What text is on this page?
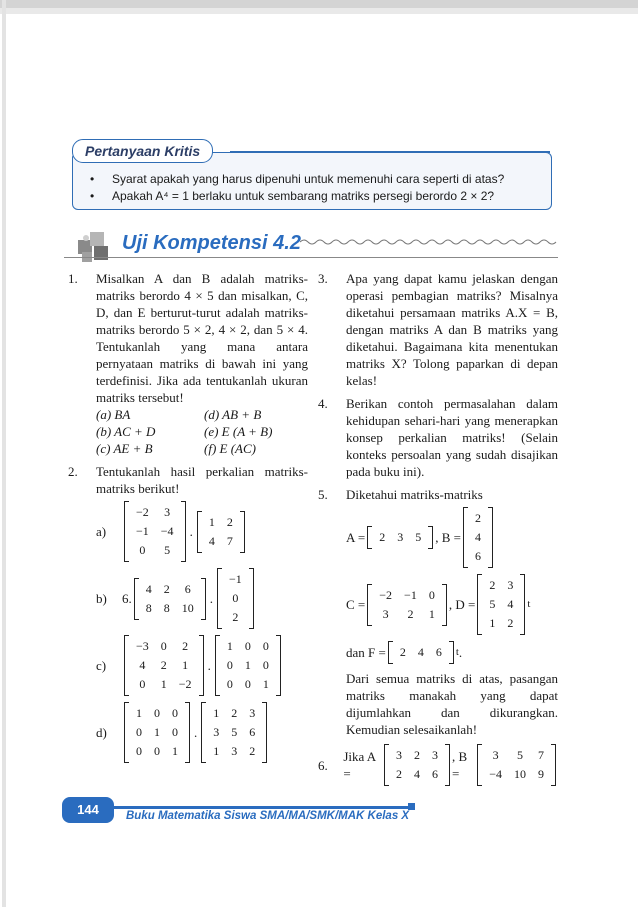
Pertanyaan Kritis
• Syarat apakah yang harus dipenuhi untuk memenuhi cara seperti di atas?
• Apakah A⁴ = 1 berlaku untuk sembarang matriks persegi berordo 2 × 2?
Uji Kompetensi 4.2
1. Misalkan A dan B adalah matriks-matriks berordo 4 × 5 dan misalkan, C, D, dan E berturut-turut adalah matriks-matriks berordo 5 × 2, 4 × 2, dan 5 × 4. Tentukanlah yang mana antara pernyataan matriks di bawah ini yang terdefinisi. Jika ada tentukanlah ukuran matriks tersebut!
(a) BA	(d) AB + B
(b) AC + D	(e) E (A + B)
(c) AE + B	(f) E (AC)
2. Tentukanlah hasil perkalian matriks-matriks berikut!
a)
−2	3
−1	−4
0	5
.
1	2
4	7
b)	6.
4	2	6
8	8	10
.
−1
0
2
c)
−3	0	2
4	2	1
0	1	−2
.
1	0	0
0	1	0
0	0	1
d)
1	0	0
0	1	0
0	0	1
.
1	2	3
3	5	6
1	3	2
3. Apa yang dapat kamu jelaskan dengan operasi pembagian matriks? Misalnya diketahui persamaan matriks A.X = B, dengan matriks A dan B matriks yang diketahui. Bagaimana kita menentukan matriks X? Tolong paparkan di depan kelas!
4. Berikan contoh permasalahan dalam kehidupan sehari-hari yang menerapkan konsep perkalian matriks! (Selain konteks persoalan yang sudah disajikan pada buku ini).
5. Diketahui matriks-matriks
A = 2	3	5 , B =
2
4
6
C =
−2	−1	0
3	2	1
, D =
2	3
5	4
1	2
t
dan F = 2	4	6 t .
Dari semua matriks di atas, pasangan matriks manakah yang dapat dijumlahkan dan dikurangkan. Kemudian selesaikanlah!
6.
Jika A =
3	2	3
2	4	6
, B =
3	5	7
−4	10	9
144	Buku Matematika Siswa SMA/MA/SMK/MAK Kelas X
